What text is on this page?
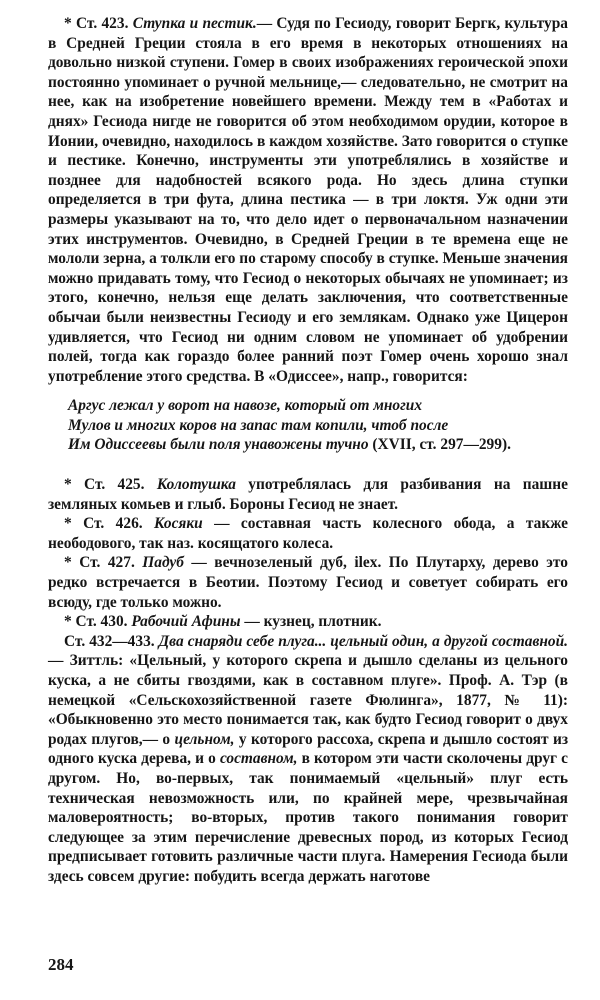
* Ст. 423. Ступка и пестик.— Судя по Гесиоду, говорит Бергк, культура в Средней Греции стояла в его время в некоторых отношениях на довольно низкой ступени. Гомер в своих изображениях героической эпохи постоянно упоминает о ручной мельнице,— следовательно, не смотрит на нее, как на изобретение новейшего времени. Между тем в «Работах и днях» Гесиода нигде не говорится об этом необходимом орудии, которое в Ионии, очевидно, находилось в каждом хозяйстве. Зато говорится о ступке и пестике. Конечно, инструменты эти употреблялись в хозяйстве и позднее для надобностей всякого рода. Но здесь длина ступки определяется в три фута, длина пестика — в три локтя. Уж одни эти размеры указывают на то, что дело идет о первоначальном назначении этих инструментов. Очевидно, в Средней Греции в те времена еще не мололи зерна, а толкли его по старому способу в ступке. Меньше значения можно придавать тому, что Гесиод о некоторых обычаях не упоминает; из этого, конечно, нельзя еще делать заключения, что соответственные обычаи были неизвестны Гесиоду и его землякам. Однако уже Цицерон удивляется, что Гесиод ни одним словом не упоминает об удобрении полей, тогда как гораздо более ранний поэт Гомер очень хорошо знал употребление этого средства. В «Одиссее», напр., говорится:

Аргус лежал у ворот на навозе, который от многих
Мулов и многих коров на запас там копили, чтоб после
Им Одиссеевы были поля унавожены тучно (XVII, ст. 297—299).

* Ст. 425. Колотушка употреблялась для разбивания на пашне земляных комьев и глыб. Бороны Гесиод не знает.

* Ст. 426. Косяки — составная часть колесного обода, а также неободового, так наз. косящатого колеса.

* Ст. 427. Падуб — вечнозеленый дуб, ilex. По Плутарху, дерево это редко встречается в Беотии. Поэтому Гесиод и советует собирать его всюду, где только можно.

* Ст. 430. Рабочий Афины — кузнец, плотник.

Ст. 432—433. Два снаряди себе плуга... цельный один, а другой составной.— Зиттль: «Цельный, у которого скрепа и дышло сделаны из цельного куска, а не сбиты гвоздями, как в составном плуге». Проф. А. Тэр (в немецкой «Сельскохозяйственной газете Фюлинга», 1877, № 11): «Обыкновенно это место понимается так, как будто Гесиод говорит о двух родах плугов,— о цельном, у которого рассоха, скрепа и дышло состоят из одного куска дерева, и о составном, в котором эти части сколочены друг с другом. Но, во-первых, так понимаемый «цельный» плуг есть техническая невозможность или, по крайней мере, чрезвычайная маловероятность; во-вторых, против такого понимания говорит следующее за этим перечисление древесных пород, из которых Гесиод предписывает готовить различные части плуга. Намерения Гесиода были здесь совсем другие: побудить всегда держать наготове

284
